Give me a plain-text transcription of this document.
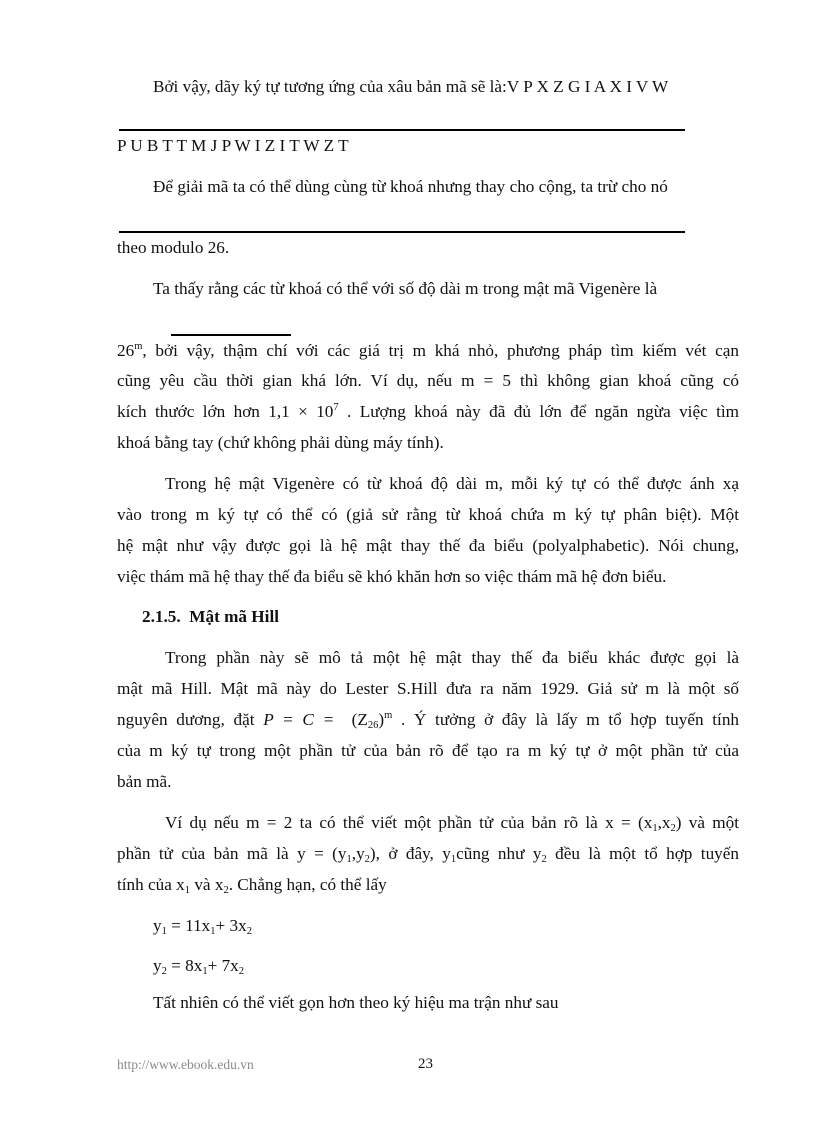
Bởi vậy, dãy ký tự tương ứng của xâu bản mã sẽ là:V P X Z G I A X I V W
P U B T T M J P W I Z I T W Z T
Để giải mã ta có thể dùng cùng từ khoá nhưng thay cho cộng, ta trừ cho nó
theo modulo 26.
Ta thấy rằng các từ khoá có thể với số độ dài m trong mật mã Vigenère là
26$^m$, bởi vậy, thậm chí với các giá trị m khá nhỏ, phương pháp tìm kiếm vét cạn
cũng yêu cầu thời gian khá lớn. Ví dụ, nếu m = 5 thì không gian khoá cũng có
kích thước lớn hơn $1,1 \times 10^7$ . Lượng khoá này đã đủ lớn để ngăn ngừa việc tìm
khoá bằng tay (chứ không phải dùng máy tính).
Trong hệ mật Vigenère có từ khoá độ dài m, mỗi ký tự có thể được ánh xạ
vào trong m ký tự có thể có (giả sử rằng từ khoá chứa m ký tự phân biệt). Một
hệ mật như vậy được gọi là hệ mật thay thế đa biểu (polyalphabetic). Nói chung,
việc thám mã hệ thay thế đa biểu sẽ khó khăn hơn so việc thám mã hệ đơn biểu.
2.1.5. Mật mã Hill
Trong phần này sẽ mô tả một hệ mật thay thế đa biểu khác được gọi là
mật mã Hill. Mật mã này do Lester S.Hill đưa ra năm 1929. Giả sử m là một số
nguyên dương, đặt $P = C = (Z_{26})^m$ . Ý tưởng ở đây là lấy m tổ hợp tuyến tính
của m ký tự trong một phần tử của bản rõ để tạo ra m ký tự ở một phần tử của
bản mã.
Ví dụ nếu m = 2 ta có thể viết một phần tử của bản rõ là $x = (x_1,x_2)$ và một
phần tử của bản mã là $y = (y_1,y_2)$, ở đây, $y_1cũng$ như $y_2$ đều là một tổ hợp tuyến
tính của $x_1$ và $x_2$. Chẳng hạn, có thể lấy
$y_1 = 11x_1+ 3x_2$
$y_2 = 8x_1+ 7x_2$
Tất nhiên có thể viết gọn hơn theo ký hiệu ma trận như sau
http://www.ebook.edu.vn	23
